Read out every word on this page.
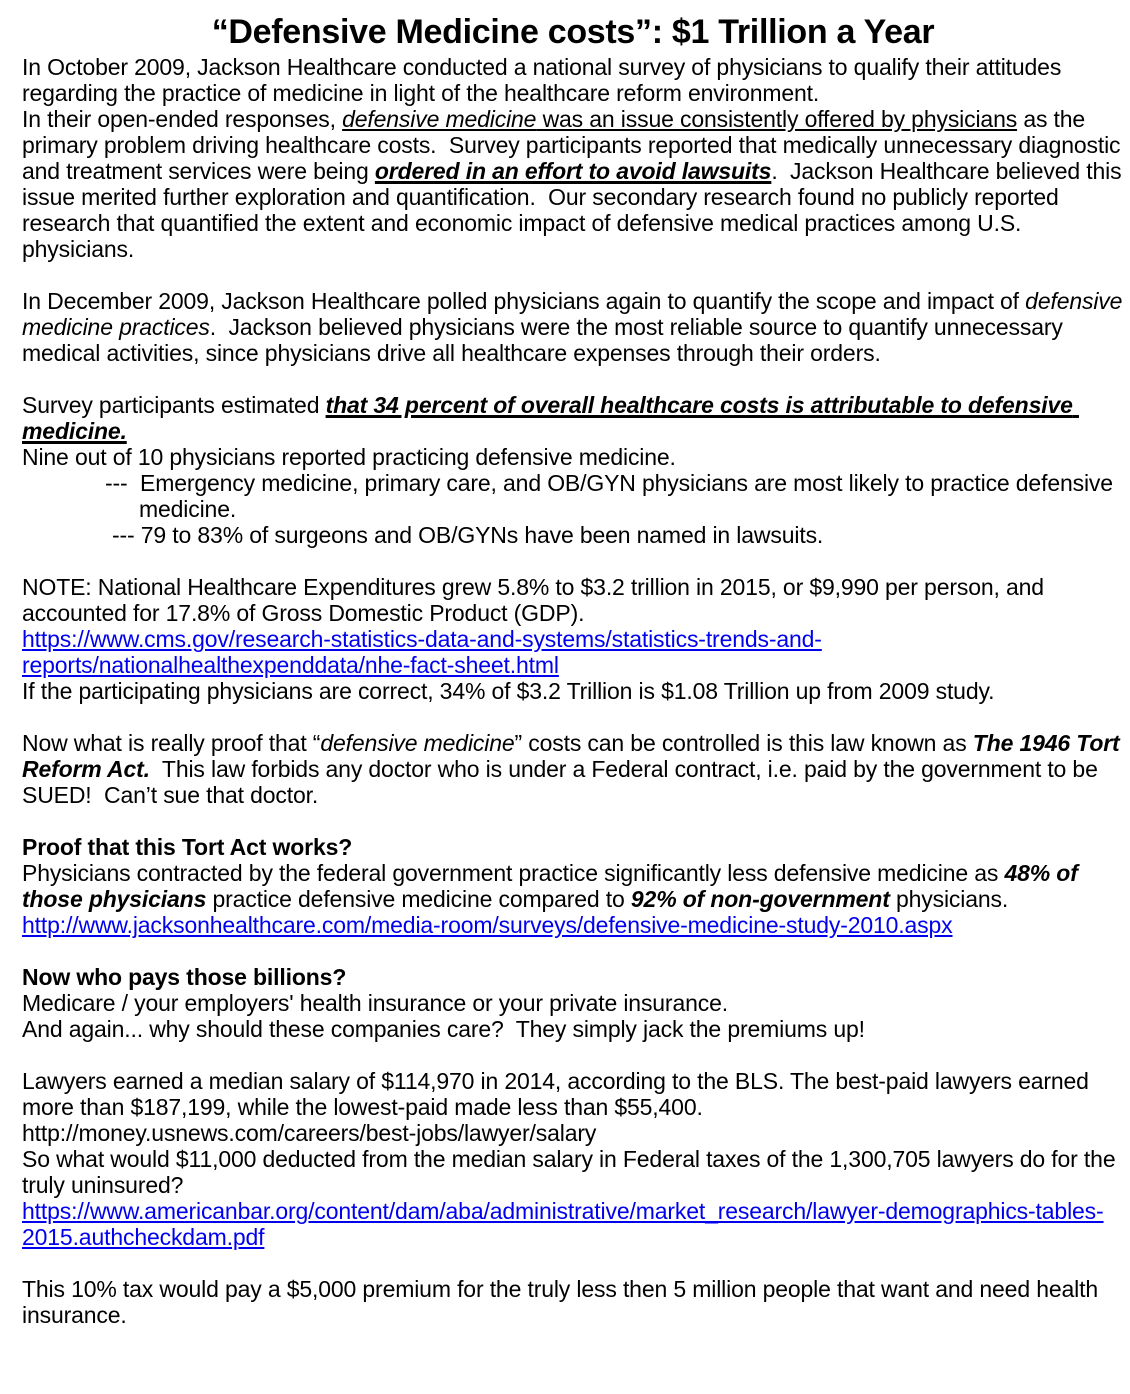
“Defensive Medicine costs”: $1 Trillion a Year
In October 2009, Jackson Healthcare conducted a national survey of physicians to qualify their attitudes regarding the practice of medicine in light of the healthcare reform environment.
In their open-ended responses, defensive medicine was an issue consistently offered by physicians as the primary problem driving healthcare costs.  Survey participants reported that medically unnecessary diagnostic and treatment services were being ordered in an effort to avoid lawsuits.  Jackson Healthcare believed this issue merited further exploration and quantification.  Our secondary research found no publicly reported research that quantified the extent and economic impact of defensive medical practices among U.S. physicians.
In December 2009, Jackson Healthcare polled physicians again to quantify the scope and impact of defensive medicine practices.  Jackson believed physicians were the most reliable source to quantify unnecessary medical activities, since physicians drive all healthcare expenses through their orders.
Survey participants estimated that 34 percent of overall healthcare costs is attributable to defensive medicine.
Nine out of 10 physicians reported practicing defensive medicine.
---  Emergency medicine, primary care, and OB/GYN physicians are most likely to practice defensive medicine.
--- 79 to 83% of surgeons and OB/GYNs have been named in lawsuits.
NOTE: National Healthcare Expenditures grew 5.8% to $3.2 trillion in 2015, or $9,990 per person, and accounted for 17.8% of Gross Domestic Product (GDP).
https://www.cms.gov/research-statistics-data-and-systems/statistics-trends-and-reports/nationalhealthexpenddata/nhe-fact-sheet.html
If the participating physicians are correct, 34% of $3.2 Trillion is $1.08 Trillion up from 2009 study.
Now what is really proof that “defensive medicine” costs can be controlled is this law known as The 1946 Tort Reform Act.  This law forbids any doctor who is under a Federal contract, i.e. paid by the government to be SUED!  Can’t sue that doctor.
Proof that this Tort Act works?
Physicians contracted by the federal government practice significantly less defensive medicine as 48% of those physicians practice defensive medicine compared to 92% of non-government physicians.
http://www.jacksonhealthcare.com/media-room/surveys/defensive-medicine-study-2010.aspx
Now who pays those billions?
Medicare / your employers' health insurance or your private insurance.
And again... why should these companies care?  They simply jack the premiums up!
Lawyers earned a median salary of $114,970 in 2014, according to the BLS. The best-paid lawyers earned more than $187,199, while the lowest-paid made less than $55,400.
http://money.usnews.com/careers/best-jobs/lawyer/salary
So what would $11,000 deducted from the median salary in Federal taxes of the 1,300,705 lawyers do for the truly uninsured?
https://www.americanbar.org/content/dam/aba/administrative/market_research/lawyer-demographics-tables-2015.authcheckdam.pdf
This 10% tax would pay a $5,000 premium for the truly less then 5 million people that want and need health insurance.
